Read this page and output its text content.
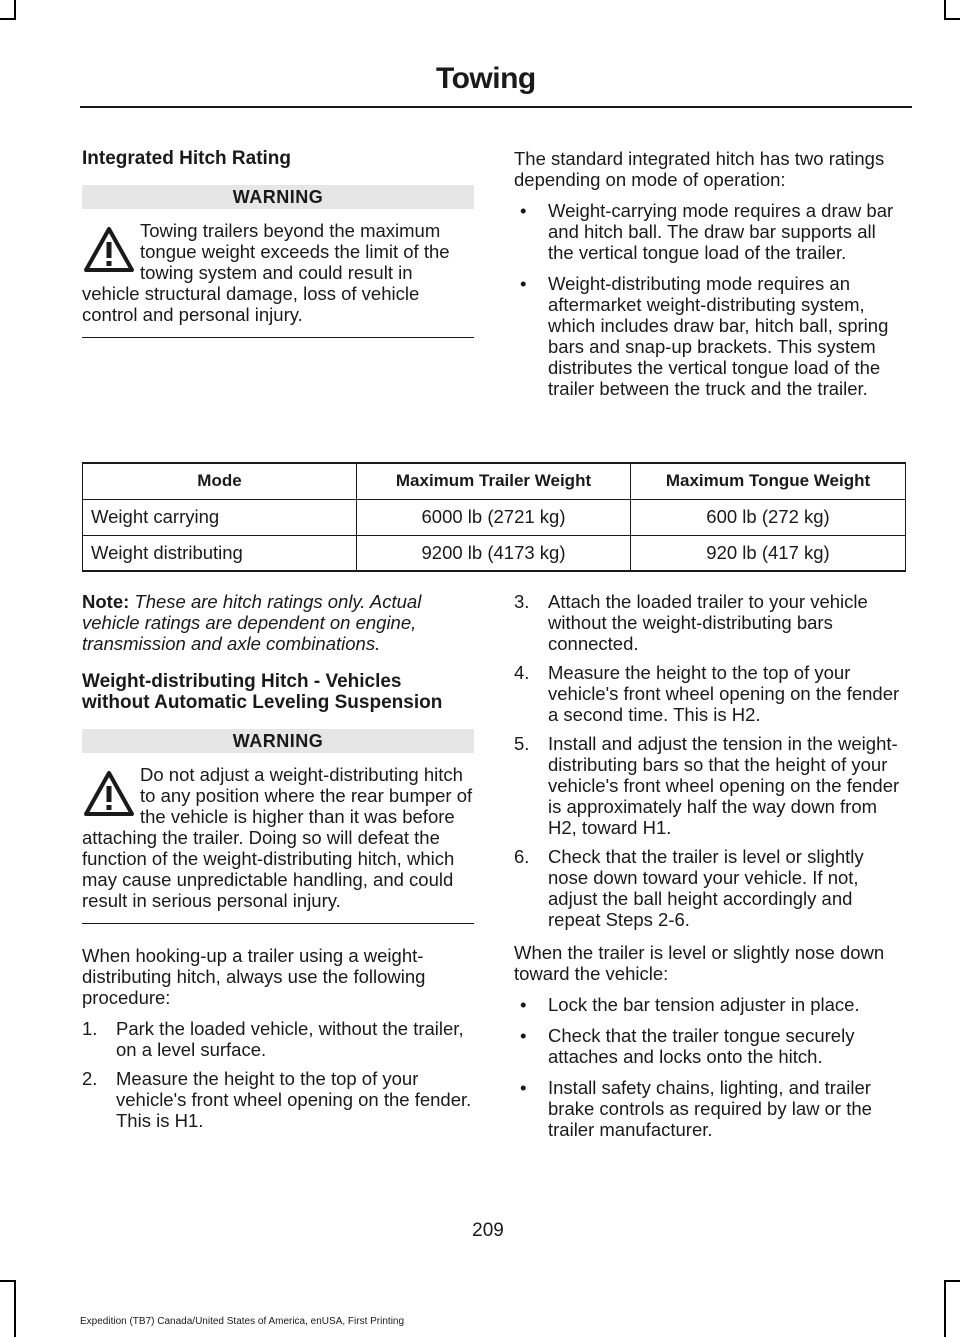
Towing
Integrated Hitch Rating
WARNING
Towing trailers beyond the maximum tongue weight exceeds the limit of the towing system and could result in vehicle structural damage, loss of vehicle control and personal injury.
The standard integrated hitch has two ratings depending on mode of operation:
• Weight-carrying mode requires a draw bar and hitch ball. The draw bar supports all the vertical tongue load of the trailer.
• Weight-distributing mode requires an aftermarket weight-distributing system, which includes draw bar, hitch ball, spring bars and snap-up brackets. This system distributes the vertical tongue load of the trailer between the truck and the trailer.
Mode	Maximum Trailer Weight	Maximum Tongue Weight
Weight carrying	6000 lb (2721 kg)	600 lb (272 kg)
Weight distributing	9200 lb (4173 kg)	920 lb (417 kg)
Note: These are hitch ratings only. Actual vehicle ratings are dependent on engine, transmission and axle combinations.
Weight-distributing Hitch - Vehicles without Automatic Leveling Suspension
WARNING
Do not adjust a weight-distributing hitch to any position where the rear bumper of the vehicle is higher than it was before attaching the trailer. Doing so will defeat the function of the weight-distributing hitch, which may cause unpredictable handling, and could result in serious personal injury.
When hooking-up a trailer using a weight-distributing hitch, always use the following procedure:
1. Park the loaded vehicle, without the trailer, on a level surface.
2. Measure the height to the top of your vehicle's front wheel opening on the fender. This is H1.
3. Attach the loaded trailer to your vehicle without the weight-distributing bars connected.
4. Measure the height to the top of your vehicle's front wheel opening on the fender a second time. This is H2.
5. Install and adjust the tension in the weight-distributing bars so that the height of your vehicle's front wheel opening on the fender is approximately half the way down from H2, toward H1.
6. Check that the trailer is level or slightly nose down toward your vehicle. If not, adjust the ball height accordingly and repeat Steps 2-6.
When the trailer is level or slightly nose down toward the vehicle:
• Lock the bar tension adjuster in place.
• Check that the trailer tongue securely attaches and locks onto the hitch.
• Install safety chains, lighting, and trailer brake controls as required by law or the trailer manufacturer.
209
Expedition (TB7) Canada/United States of America, enUSA, First Printing
